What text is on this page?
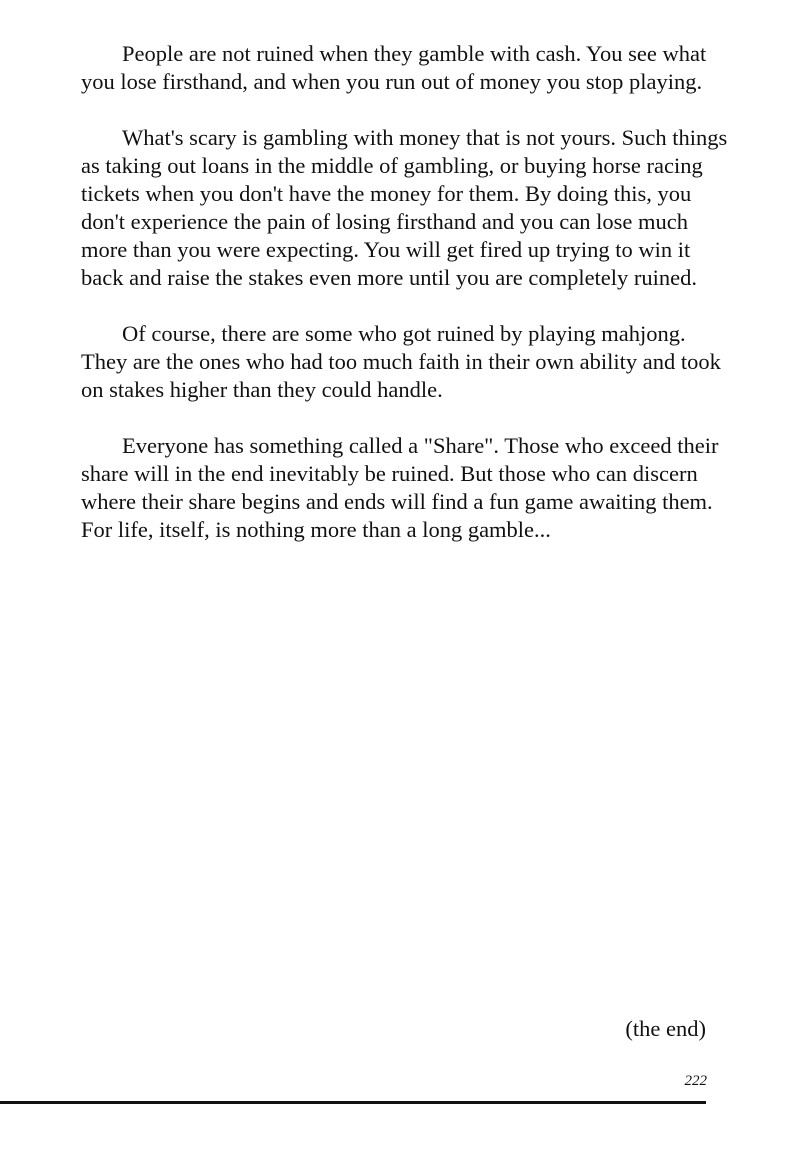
People are not ruined when they gamble with cash. You see what you lose firsthand, and when you run out of money you stop playing.

What's scary is gambling with money that is not yours. Such things as taking out loans in the middle of gambling, or buying horse racing tickets when you don't have the money for them. By doing this, you don't experience the pain of losing firsthand and you can lose much more than you were expecting. You will get fired up trying to win it back and raise the stakes even more until you are completely ruined.

Of course, there are some who got ruined by playing mahjong. They are the ones who had too much faith in their own ability and took on stakes higher than they could handle.

Everyone has something called a "Share". Those who exceed their share will in the end inevitably be ruined. But those who can discern where their share begins and ends will find a fun game awaiting them. For life, itself, is nothing more than a long gamble...

(the end)
222
